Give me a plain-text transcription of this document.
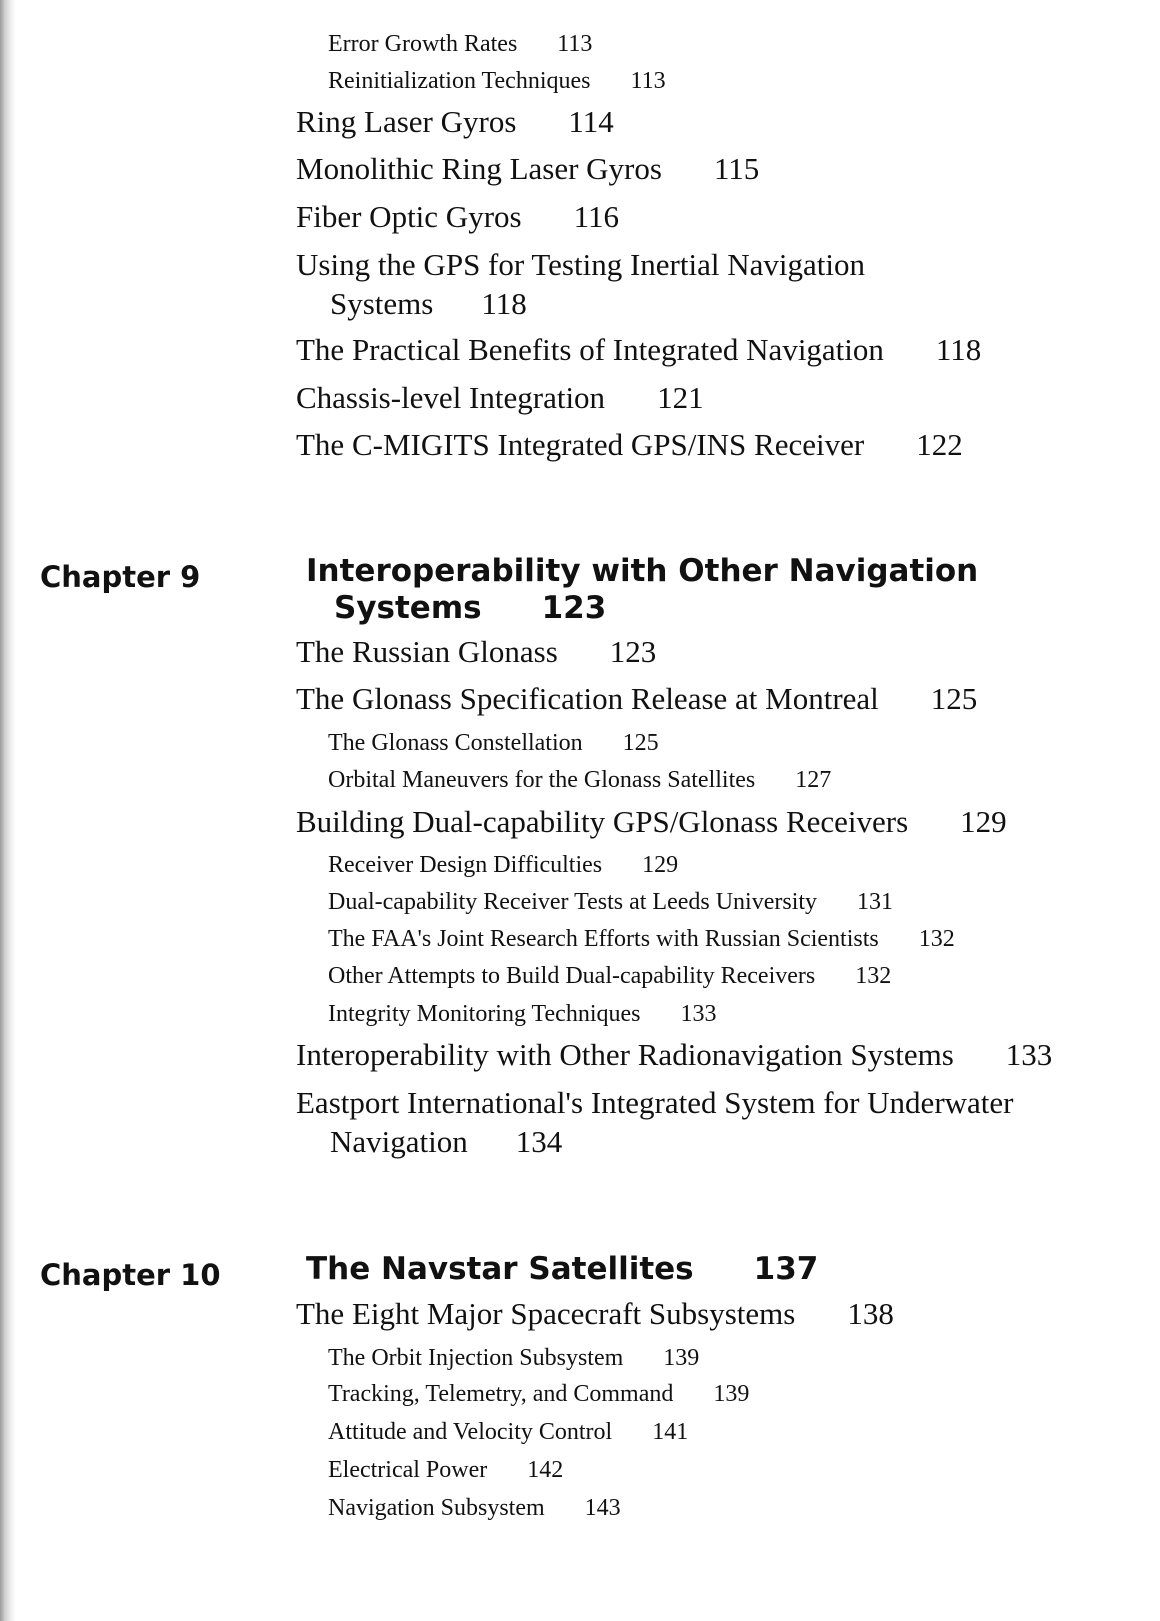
Error Growth Rates 113
Reinitialization Techniques 113
Ring Laser Gyros 114
Monolithic Ring Laser Gyros 115
Fiber Optic Gyros 116
Using the GPS for Testing Inertial Navigation
Systems 118
The Practical Benefits of Integrated Navigation 118
Chassis-level Integration 121
The C-MIGITS Integrated GPS/INS Receiver 122
Chapter 9	Interoperability with Other Navigation
Systems 123
The Russian Glonass 123
The Glonass Specification Release at Montreal 125
The Glonass Constellation 125
Orbital Maneuvers for the Glonass Satellites 127
Building Dual-capability GPS/Glonass Receivers 129
Receiver Design Difficulties 129
Dual-capability Receiver Tests at Leeds University 131
The FAA's Joint Research Efforts with Russian Scientists 132
Other Attempts to Build Dual-capability Receivers 132
Integrity Monitoring Techniques 133
Interoperability with Other Radionavigation Systems 133
Eastport International's Integrated System for Underwater
Navigation 134
Chapter 10	The Navstar Satellites 137
The Eight Major Spacecraft Subsystems 138
The Orbit Injection Subsystem 139
Tracking, Telemetry, and Command 139
Attitude and Velocity Control 141
Electrical Power 142
Navigation Subsystem 143
